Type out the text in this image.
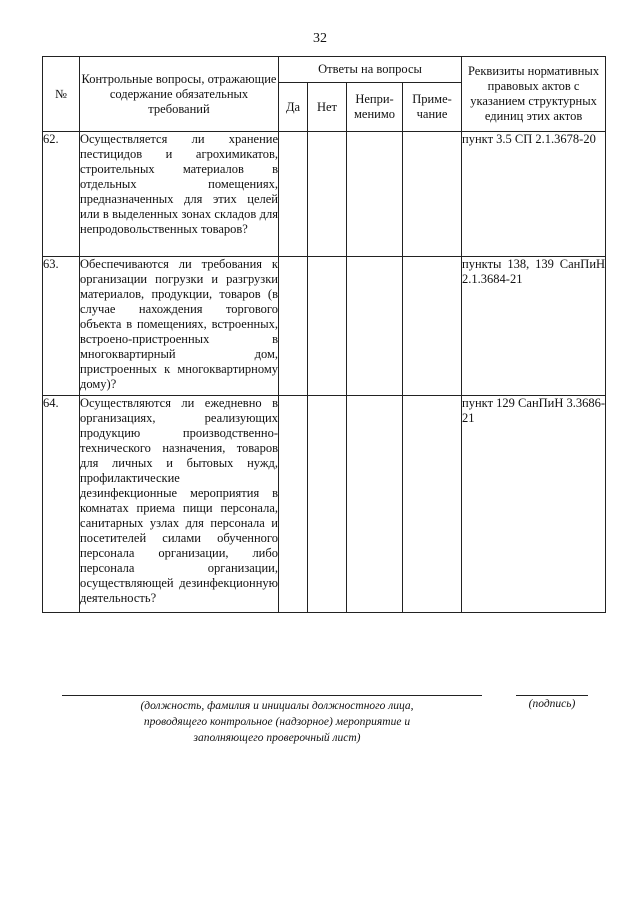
32
№	Контрольные вопросы, отражающие содержание обязательных требований	Ответы на вопросы				Реквизиты нормативных правовых актов с указанием структурных единиц этих актов
		Да	Нет	Непри-менимо	Приме-чание	
62.	Осуществляется ли хранение пестицидов и агрохимикатов, строительных материалов в отдельных помещениях, предназначенных для этих целей или в выделенных зонах складов для непродовольственных товаров?					пункт 3.5 СП 2.1.3678-20
63.	Обеспечиваются ли требования к организации погрузки и разгрузки материалов, продукции, товаров (в случае нахождения торгового объекта в помещениях, встроенных, встроено-пристроенных в многоквартирный дом, пристроенных к многоквартирному дому)?					пункты 138, 139 СанПиН 2.1.3684-21
64.	Осуществляются ли ежедневно в организациях, реализующих продукцию производственно-технического назначения, товаров для личных и бытовых нужд, профилактические дезинфекционные мероприятия в комнатах приема пищи персонала, санитарных узлах для персонала и посетителей силами обученного персонала организации, либо персонала организации, осуществляющей дезинфекционную деятельность?					пункт 129 СанПиН 3.3686-21
(должность, фамилия и инициалы должностного лица, проводящего контрольное (надзорное) мероприятие и заполняющего проверочный лист)
(подпись)
